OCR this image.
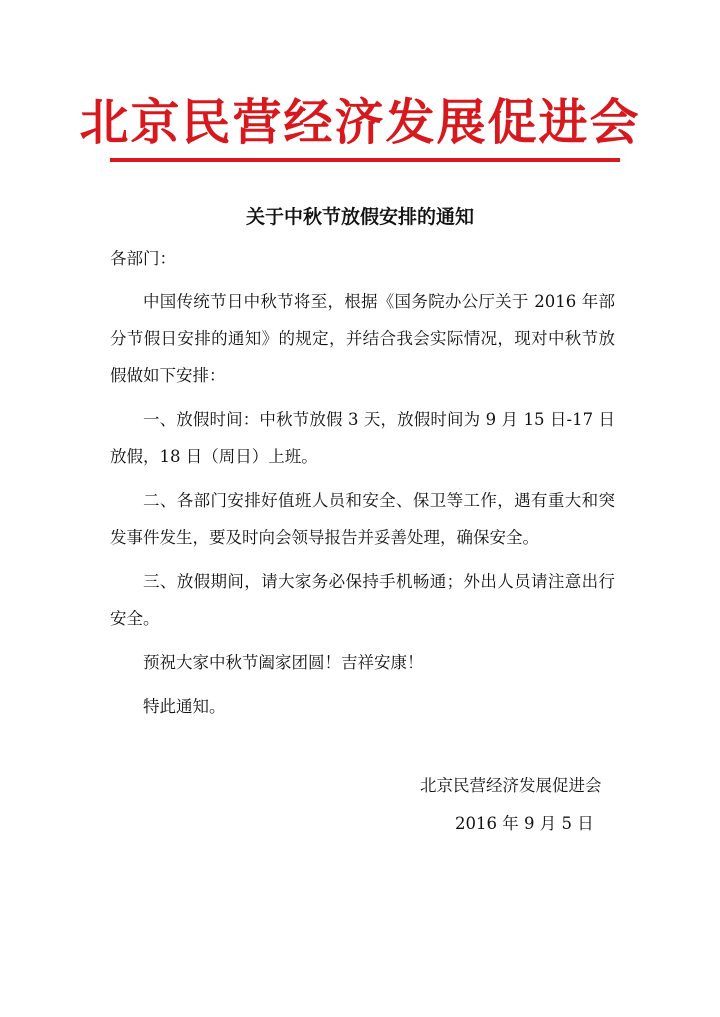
北京民营经济发展促进会
关于中秋节放假安排的通知

各部门：

中国传统节日中秋节将至，根据《国务院办公厅关于 2016 年部分节假日安排的通知》的规定，并结合我会实际情况，现对中秋节放假做如下安排：

一、放假时间：中秋节放假 3 天，放假时间为 9 月 15 日-17 日放假，18 日（周日）上班。

二、各部门安排好值班人员和安全、保卫等工作，遇有重大和突发事件发生，要及时向会领导报告并妥善处理，确保安全。

三、放假期间，请大家务必保持手机畅通；外出人员请注意出行安全。

预祝大家中秋节阖家团圆！吉祥安康！

特此通知。

北京民营经济发展促进会
2016 年 9 月 5 日
